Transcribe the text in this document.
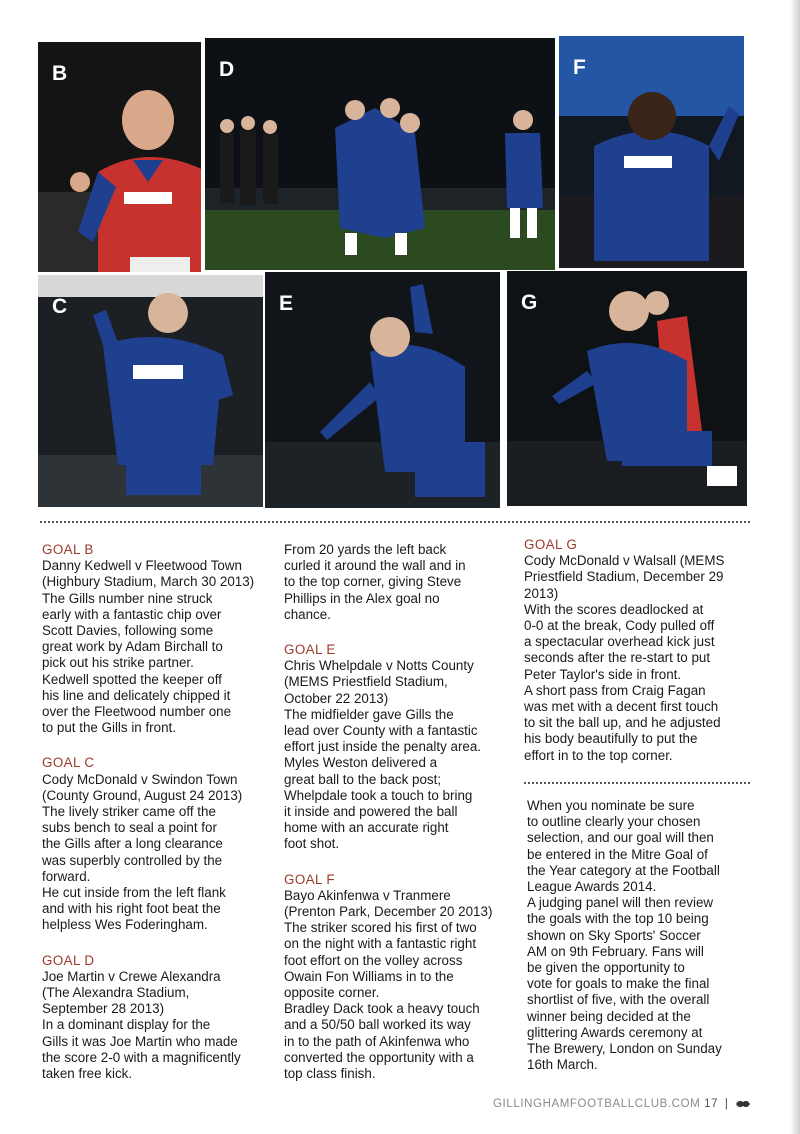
B	D	F
C	E	G

GOAL B

Danny Kedwell v Fleetwood Town

(Highbury Stadium, March 30 2013)

The Gills number nine struck

early with a fantastic chip over

Scott Davies, following some

great work by Adam Birchall to

pick out his strike partner.

Kedwell spotted the keeper off

his line and delicately chipped it

over the Fleetwood number one

to put the Gills in front.

GOAL C

Cody McDonald v Swindon Town

(County Ground, August 24 2013)

The lively striker came off the

subs bench to seal a point for

the Gills after a long clearance

was superbly controlled by the

forward.

He cut inside from the left flank

and with his right foot beat the

helpless Wes Foderingham.

GOAL D

Joe Martin v Crewe Alexandra

(The Alexandra Stadium,

September 28 2013)

In a dominant display for the

Gills it was Joe Martin who made

the score 2-0 with a magnificently

taken free kick.

From 20 yards the left back

curled it around the wall and in

to the top corner, giving Steve

Phillips in the Alex goal no

chance.

GOAL E

Chris Whelpdale v Notts County

(MEMS Priestfield Stadium,

October 22 2013)

The midfielder gave Gills the

lead over County with a fantastic

effort just inside the penalty area.

Myles Weston delivered a

great ball to the back post;

Whelpdale took a touch to bring

it inside and powered the ball

home with an accurate right

foot shot.

GOAL F

Bayo Akinfenwa v Tranmere

(Prenton Park, December 20 2013)

The striker scored his first of two

on the night with a fantastic right

foot effort on the volley across

Owain Fon Williams in to the

opposite corner.

Bradley Dack took a heavy touch

and a 50/50 ball worked its way

in to the path of Akinfenwa who

converted the opportunity with a

top class finish.

GOAL G

Cody McDonald v Walsall (MEMS

Priestfield Stadium, December 29

2013)

With the scores deadlocked at

0-0 at the break, Cody pulled off

a spectacular overhead kick just

seconds after the re-start to put

Peter Taylor's side in front.

A short pass from Craig Fagan

was met with a decent first touch

to sit the ball up, and he adjusted

his body beautifully to put the

effort in to the top corner.

When you nominate be sure

to outline clearly your chosen

selection, and our goal will then

be entered in the Mitre Goal of

the Year category at the Football

League Awards 2014.

A judging panel will then review

the goals with the top 10 being

shown on Sky Sports' Soccer

AM on 9th February. Fans will

be given the opportunity to

vote for goals to make the final

shortlist of five, with the overall

winner being decided at the

glittering Awards ceremony at

The Brewery, London on Sunday

16th March.

GILLINGHAMFOOTBALLCLUB.COM 17 |
